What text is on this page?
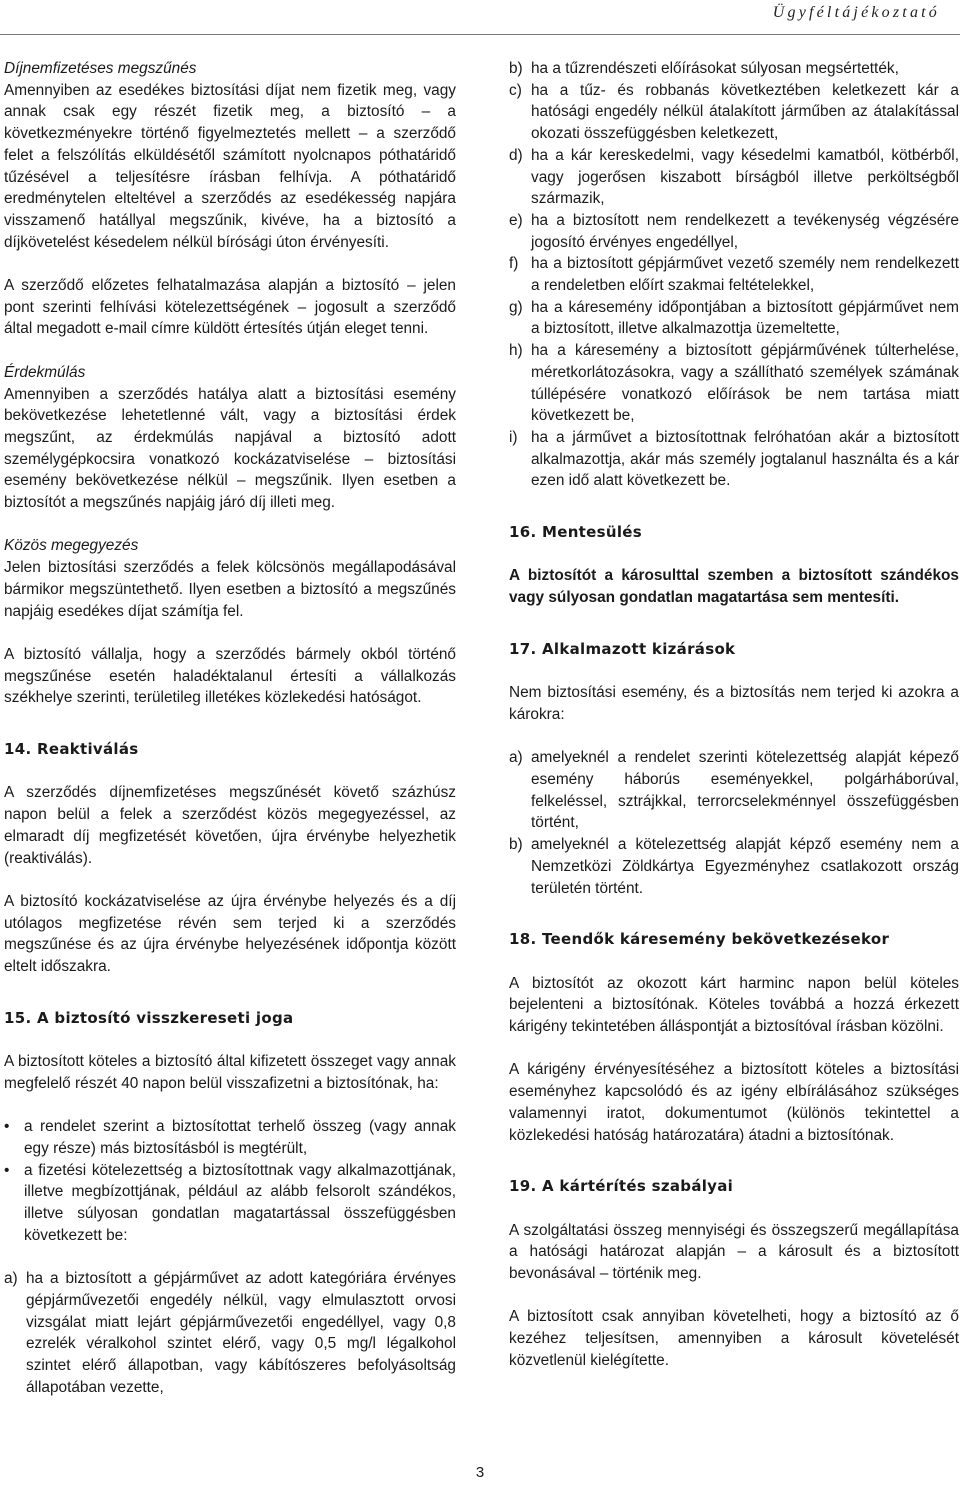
Ügyféltájékoztató
Díjnemfizetéses megszűnés

Amennyiben az esedékes biztosítási díjat nem fizetik meg, vagy annak csak egy részét fizetik meg, a biztosító – a következményekre történő figyelmeztetés mellett – a szerződő felet a felszólítás elküldésétől számított nyolcnapos póthatáridő tűzésével a teljesítésre írásban felhívja. A póthatáridő eredménytelen elteltével a szerződés az esedékesség napjára visszamenő hatállyal megszűnik, kivéve, ha a biztosító a díjkövetelést késedelem nélkül bírósági úton érvényesíti.

A szerződő előzetes felhatalmazása alapján a biztosító – jelen pont szerinti felhívási kötelezettségének – jogosult a szerződő által megadott e-mail címre küldött értesítés útján eleget tenni.

Érdekmúlás

Amennyiben a szerződés hatálya alatt a biztosítási esemény bekövetkezése lehetetlenné vált, vagy a biztosítási érdek megszűnt, az érdekmúlás napjával a biztosító adott személygépkocsira vonatkozó kockázatviselése – biztosítási esemény bekövetkezése nélkül – megszűnik. Ilyen esetben a biztosítót a megszűnés napjáig járó díj illeti meg.

Közös megegyezés

Jelen biztosítási szerződés a felek kölcsönös megállapodásával bármikor megszüntethető. Ilyen esetben a biztosító a megszűnés napjáig esedékes díjat számítja fel.

A biztosító vállalja, hogy a szerződés bármely okból történő megszűnése esetén haladéktalanul értesíti a vállalkozás székhelye szerinti, területileg illetékes közlekedési hatóságot.

14. Reaktiválás

A szerződés díjnemfizetéses megszűnését követő százhúsz napon belül a felek a szerződést közös megegyezéssel, az elmaradt díj megfizetését követően, újra érvénybe helyezhetik (reaktiválás).

A biztosító kockázatviselése az újra érvénybe helyezés és a díj utólagos megfizetése révén sem terjed ki a szerződés megszűnése és az újra érvénybe helyezésének időpontja között eltelt időszakra.

15. A biztosító visszkereseti joga

A biztosított köteles a biztosító által kifizetett összeget vagy annak megfelelő részét 40 napon belül visszafizetni a biztosítónak, ha:

• a rendelet szerint a biztosítottat terhelő összeg (vagy annak egy része) más biztosításból is megtérült,
• a fizetési kötelezettség a biztosítottnak vagy alkalmazottjának, illetve megbízottjának, például az alább felsorolt szándékos, illetve súlyosan gondatlan magatartással összefüggésben következett be:
a) ha a biztosított a gépjárművet az adott kategóriára érvényes gépjárművezetői engedély nélkül, vagy elmulasztott orvosi vizsgálat miatt lejárt gépjárművezetői engedéllyel, vagy 0,8 ezrelék véralkohol szintet elérő, vagy 0,5 mg/l légalkohol szintet elérő állapotban, vagy kábítószeres befolyásoltság állapotában vezette,
b) ha a tűzrendészeti előírásokat súlyosan megsértették,
c) ha a tűz- és robbanás következtében keletkezett kár a hatósági engedély nélkül átalakított járműben az átalakítással okozati összefüggésben keletkezett,
d) ha a kár kereskedelmi, vagy késedelmi kamatból, kötbérből, vagy jogerősen kiszabott bírságból illetve perköltségből származik,
e) ha a biztosított nem rendelkezett a tevékenység végzésére jogosító érvényes engedéllyel,
f) ha a biztosított gépjárművet vezető személy nem rendelkezett a rendeletben előírt szakmai feltételekkel,
g) ha a káresemény időpontjában a biztosított gépjárművet nem a biztosított, illetve alkalmazottja üzemeltette,
h) ha a káresemény a biztosított gépjárművének túlterhelése, méretkorlátozásokra, vagy a szállítható személyek számának túllépésére vonatkozó előírások be nem tartása miatt következett be,
i) ha a járművet a biztosítottnak felróhatóan akár a biztosított alkalmazottja, akár más személy jogtalanul használta és a kár ezen idő alatt következett be.
16. Mentesülés

A biztosítót a károsulttal szemben a biztosított szándékos vagy súlyosan gondatlan magatartása sem mentesíti.

17. Alkalmazott kizárások

Nem biztosítási esemény, és a biztosítás nem terjed ki azokra a károkra:

a) amelyeknél a rendelet szerinti kötelezettség alapját képező esemény háborús eseményekkel, polgárháborúval, felkeléssel, sztrájkkal, terrorcselekménnyel összefüggésben történt,
b) amelyeknél a kötelezettség alapját képző esemény nem a Nemzetközi Zöldkártya Egyezményhez csatlakozott ország területén történt.
18. Teendők káresemény bekövetkezésekor

A biztosítót az okozott kárt harminc napon belül köteles bejelenteni a biztosítónak. Köteles továbbá a hozzá érkezett kárigény tekintetében álláspontját a biztosítóval írásban közölni.

A kárigény érvényesítéséhez a biztosított köteles a biztosítási eseményhez kapcsolódó és az igény elbírálásához szükséges valamennyi iratot, dokumentumot (különös tekintettel a közlekedési hatóság határozatára) átadni a biztosítónak.

19. A kártérítés szabályai

A szolgáltatási összeg mennyiségi és összegszerű megállapítása a hatósági határozat alapján – a károsult és a biztosított bevonásával – történik meg.

A biztosított csak annyiban követelheti, hogy a biztosító az ő kezéhez teljesítsen, amennyiben a károsult követelését közvetlenül kielégítette.

3
